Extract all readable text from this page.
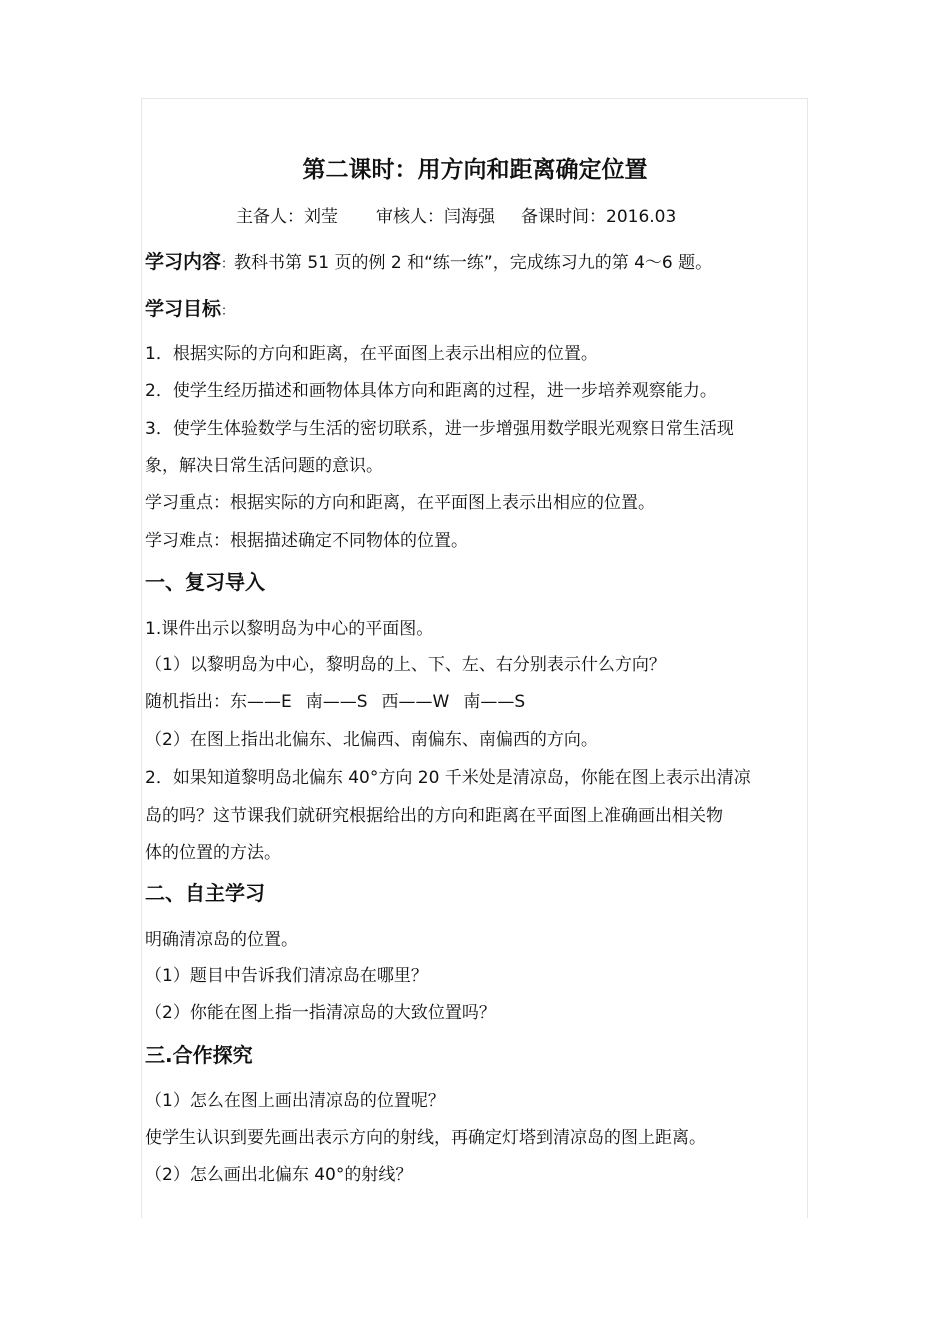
第二课时：用方向和距离确定位置
主备人：刘莹 审核人：闫海强 备课时间：2016.03
学习内容：教科书第 51 页的例 2 和“练一练”，完成练习九的第 4～6 题。
学习目标：
1．根据实际的方向和距离，在平面图上表示出相应的位置。
2．使学生经历描述和画物体具体方向和距离的过程，进一步培养观察能力。
3．使学生体验数学与生活的密切联系，进一步增强用数学眼光观察日常生活现
象，解决日常生活问题的意识。
学习重点：根据实际的方向和距离，在平面图上表示出相应的位置。
学习难点：根据描述确定不同物体的位置。
一、复习导入
1.课件出示以黎明岛为中心的平面图。
（1）以黎明岛为中心，黎明岛的上、下、左、右分别表示什么方向？
随机指出：东——E 南——S 西——W 南——S
（2）在图上指出北偏东、北偏西、南偏东、南偏西的方向。
2．如果知道黎明岛北偏东 40°方向 20 千米处是清凉岛，你能在图上表示出清凉
岛的吗？这节课我们就研究根据给出的方向和距离在平面图上准确画出相关物
体的位置的方法。
二、自主学习
明确清凉岛的位置。
（1）题目中告诉我们清凉岛在哪里？
（2）你能在图上指一指清凉岛的大致位置吗？
三.合作探究
（1）怎么在图上画出清凉岛的位置呢？
使学生认识到要先画出表示方向的射线，再确定灯塔到清凉岛的图上距离。
（2）怎么画出北偏东 40°的射线？
